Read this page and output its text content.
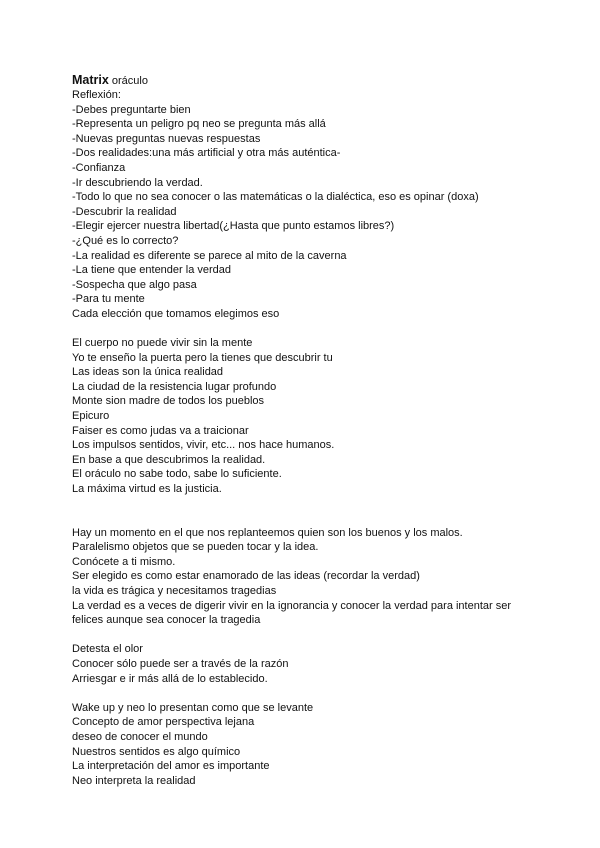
Matrix oráculo
Reflexión:
-Debes preguntarte bien
-Representa un peligro pq neo se pregunta más allá
-Nuevas preguntas nuevas respuestas
-Dos realidades:una más artificial y otra más auténtica-
-Confianza
-Ir descubriendo la verdad.
-Todo lo que no sea conocer o las matemáticas o la dialéctica, eso es opinar (doxa)
-Descubrir la realidad
-Elegir ejercer nuestra libertad(¿Hasta que punto estamos libres?)
-¿Qué es lo correcto?
-La realidad es diferente se parece al mito de la caverna
-La tiene que entender la verdad
-Sospecha que algo pasa
-Para tu mente
Cada elección que tomamos elegimos eso
El cuerpo no puede vivir sin la mente
Yo te enseño la puerta pero la tienes que descubrir tu
Las ideas son la única realidad
La ciudad de la resistencia lugar profundo
Monte sion madre de todos los pueblos
Epicuro
Faiser es como judas va a traicionar
Los impulsos sentidos, vivir, etc... nos hace humanos.
En base a que descubrimos la realidad.
El oráculo no sabe todo, sabe lo suficiente.
La máxima virtud es la justicia.
Hay un momento en el que nos replanteemos quien son los buenos y los malos.
Paralelismo objetos que se pueden tocar y la idea.
Conócete a ti mismo.
Ser elegido es como estar enamorado de las ideas (recordar la verdad)
la vida es trágica y necesitamos tragedias
La verdad es a veces de digerir vivir en la ignorancia y conocer la verdad para intentar ser
felices aunque sea conocer la tragedia
Detesta el olor
Conocer sólo puede ser a través de la razón
Arriesgar e ir más allá de lo establecido.
Wake up y neo lo presentan como que se levante
Concepto de amor perspectiva lejana
deseo de conocer el mundo
Nuestros sentidos es algo químico
La interpretación del amor es importante
Neo interpreta la realidad
